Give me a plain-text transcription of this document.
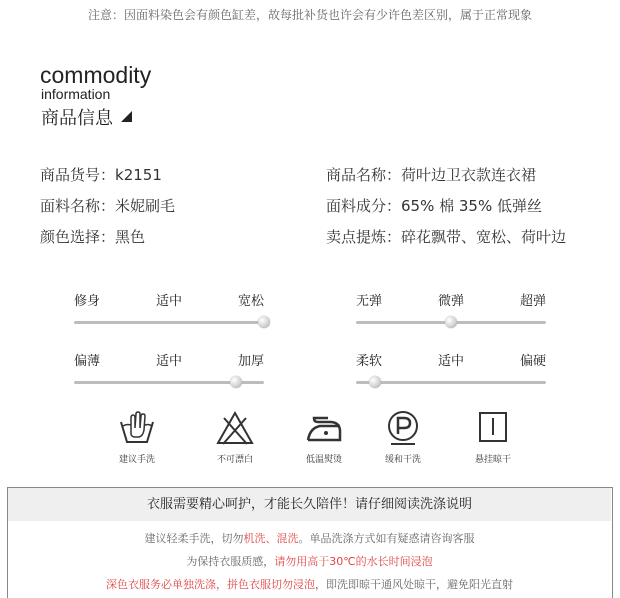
注意：因面料染色会有颜色缸差，故每批补货也许会有少许色差区别，属于正常现象
commodity
information
商品信息
商品货号：k2151	商品名称：荷叶边卫衣款连衣裙
面料名称：米妮刷毛	面料成分：65% 棉 35% 低弹丝
颜色选择：黑色	卖点提炼：碎花飘带、宽松、荷叶边
修身	适中	宽松	无弹	微弹	超弹
偏薄	适中	加厚	柔软	适中	偏硬
建议手洗	不可漂白	低温熨烫	缓和干洗	悬挂晾干
衣服需要精心呵护，才能长久陪伴！请仔细阅读洗涤说明
建议轻柔手洗，切勿机洗、混洗。单品洗涤方式如有疑惑请咨询客服
为保持衣服质感，请勿用高于30℃的水长时间浸泡
深色衣服务必单独洗涤，拼色衣服切勿浸泡，即洗即晾干通风处晾干，避免阳光直射
